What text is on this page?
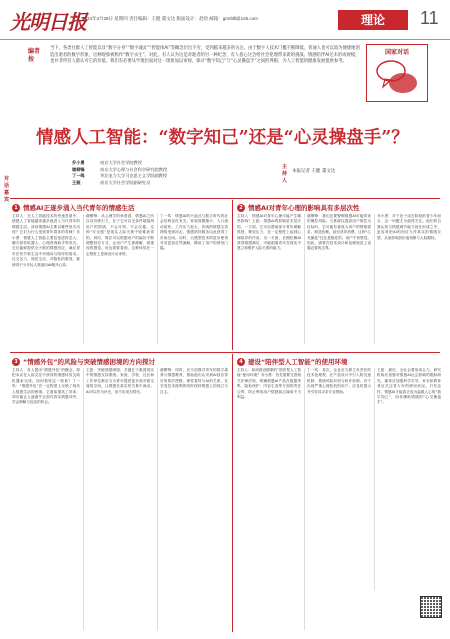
光明日报
2024年3月28日 星期四 责任编辑：王健 董文达 版面设计：赵晗 邮箱：gmrblll@126.com	理论	11
编者按
当下，各类社群人工智能以及“数字分身”“数字魂灵”“智能体AI”等概念层出不穷，受到越来越多的关注。由于数字人技术门槛不断降低，普通人也可以较为便捷地创造出逝者的数字形象，这种现象被称作“数字永生”。对此，有人认为这是对逝者的另一种纪念，有人担心这会给社会伦理带来新的挑战。情感陪伴AI还未形成规模，也并非所有人都认可它的价值。我们有必要从学理层面对这一现象加以审视，探讨“数字知己”与“心灵操盘手”之间的界限，为人工智能的健康发展提供参考。
国家对话
情感人工智能：“数字知己”还是“心灵操盘手”？
对话嘉宾
乔小勇	南京大学社会学院教授
谢柳锋	南京大学心理与社会科学研究院教授
丁一鸣	华北电力大学马克思主义学院副教授
王振	南京大学社会学院副研究员
主持人
本报记者 王健 董文达
1 情感AI正逐步涌入当代青年的情感生活
主持人：在人工智能技术的快速发展中，情感人工智能越来越多地进入当代青年的情感生活。请问情感AI主要以哪些形式出现？它们为什么受到青年群体的青睐？乔小勇：情感人工智能主要包括虚拟恋人、聊天陪伴机器人、心理咨询助手等形式。它们能够提供全天候的情感回应，满足青年在快节奏生活中对倾诉与陪伴的需求。社交压力、独居生活、对隐私的重视，都使得不少年轻人愿意向AI敞开心扉。
谢柳锋：从心理学的角度看，情感AI之所以具有吸引力，在于它可以无条件地接纳用户的情绪，不会评判、不会厌倦。这种“安全感”是现实人际关系中较难获得的。同时，算法可以根据用户的偏好不断调整回应方式，让用户产生被理解、被重视的感觉。但也需要看到，这种体验在一定程度上是被设计出来的。
丁一鸣：情感AI的兴起还与数字时代的社会结构变化有关。家庭规模缩小、人口流动加快、工作压力加大，传统的情感支持网络受到冲击，情感陪伴服务由此获得了市场空间。同时，大模型技术的进步使得对话更加自然流畅，降低了用户的使用门槛。
2 情感AI对青年心理的影响具有多层次性
主持人：情感AI对青年心理可能产生哪些影响？王振：情感AI的影响是多层次的。一方面，它可以帮助部分青年缓解孤独、释放压力，在一定程度上起到心理疏导的作用；另一方面，长期依赖AI获得情感满足，可能削弱青年在现实中建立和维护人际关系的能力。
谢柳锋：我们还要警惕情感AI可能带来的操控风险。当系统以提高用户黏性为目标时，它可能有意放大用户的情绪需求，制造依赖，甚至诱导消费。这种“心灵操盘”往往是隐性的，用户不易察觉。因此，需要在技术设计和伦理规范上设置必要的边界。
乔小勇：对于处于成长阶段的青少年而言，这一问题尤为值得关注。他们的自我认知与情感调节能力尚在形成之中，更容易把AI的回应当作真实的情感反馈，从而影响其价值判断与人际期待。
3 “情感外包”的风险与突破情感困境的方向探讨
主持人：有人提出“情感外包”的概念，即把本应在人际交往中获得的情感体验交给机器来完成。如何看待这一现象？丁一鸣：“情感外包”在一定程度上反映了现代人情感生活的困境。它看似提高了效率，却可能让人逐渐失去面对真实情感冲突、学会理解与包容的机会。
王振：突破情感困境，关键在于重建现实中的情感支持系统。家庭、学校、社区和工作单位都应当为青年提供更多面对面交流的空间，让情感在真实的关系中流动。AI可以作为补充，但不应成为替代。
谢柳锋：同时，应当加强对青年的数字素养与情感教育，帮助他们认识到AI回应背后的算法逻辑，理性看待与AI的关系，在享受技术便利的同时保持情感上的独立与自主。
4 建设“陪伴型人工智能”的使用环境
主持人：如何建设健康的“陪伴型人工智能”使用环境？乔小勇：首先需要完善相关法律法规，明确情感AI产品在数据采集、隐私保护、内容生成等方面的责任边界，防止利用用户情感弱点谋取不当利益。
丁一鸣：其次，企业应当树立负责任的技术伦理观，在产品设计中引入防沉迷机制、情绪风险识别与转介机制，对于出现严重心理危机的用户，应及时提示并引导其寻求专业帮助。
王振：最后，全社会要形成合力。研究机构应加强对情感AI社会影响的跟踪研究，媒体应加强科学引导，家长和教育者应关注青少年的使用状况。只有这样，情感AI才能真正成为温暖人心的“数字知己”，而非操纵情绪的“心灵操盘手”。
